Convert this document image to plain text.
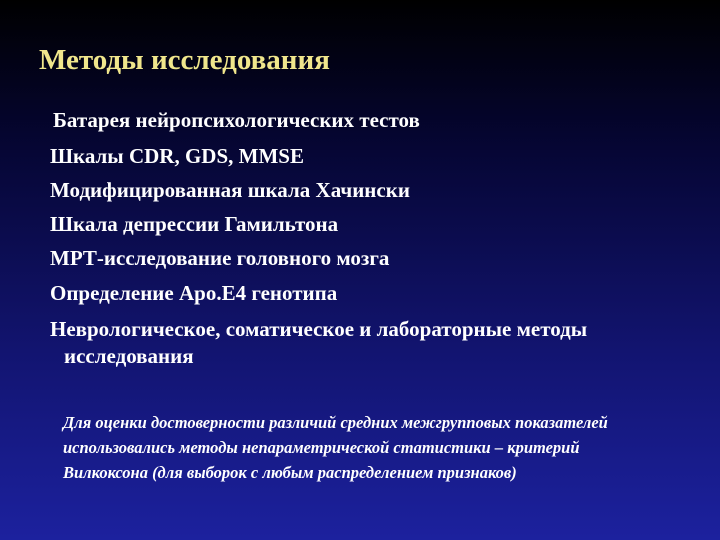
Методы исследования
Батарея нейропсихологических тестов
Шкалы CDR, GDS, MMSE
Модифицированная шкала Хачински
Шкала депрессии Гамильтона
МРТ-исследование головного мозга
Определение Apo.E4 генотипа
Неврологическое, соматическое и лабораторные методы
исследования

Для оценки достоверности различий средних межгрупповых показателей использовались методы непараметрической статистики – критерий Вилкоксона (для выборок с любым распределением признаков)
